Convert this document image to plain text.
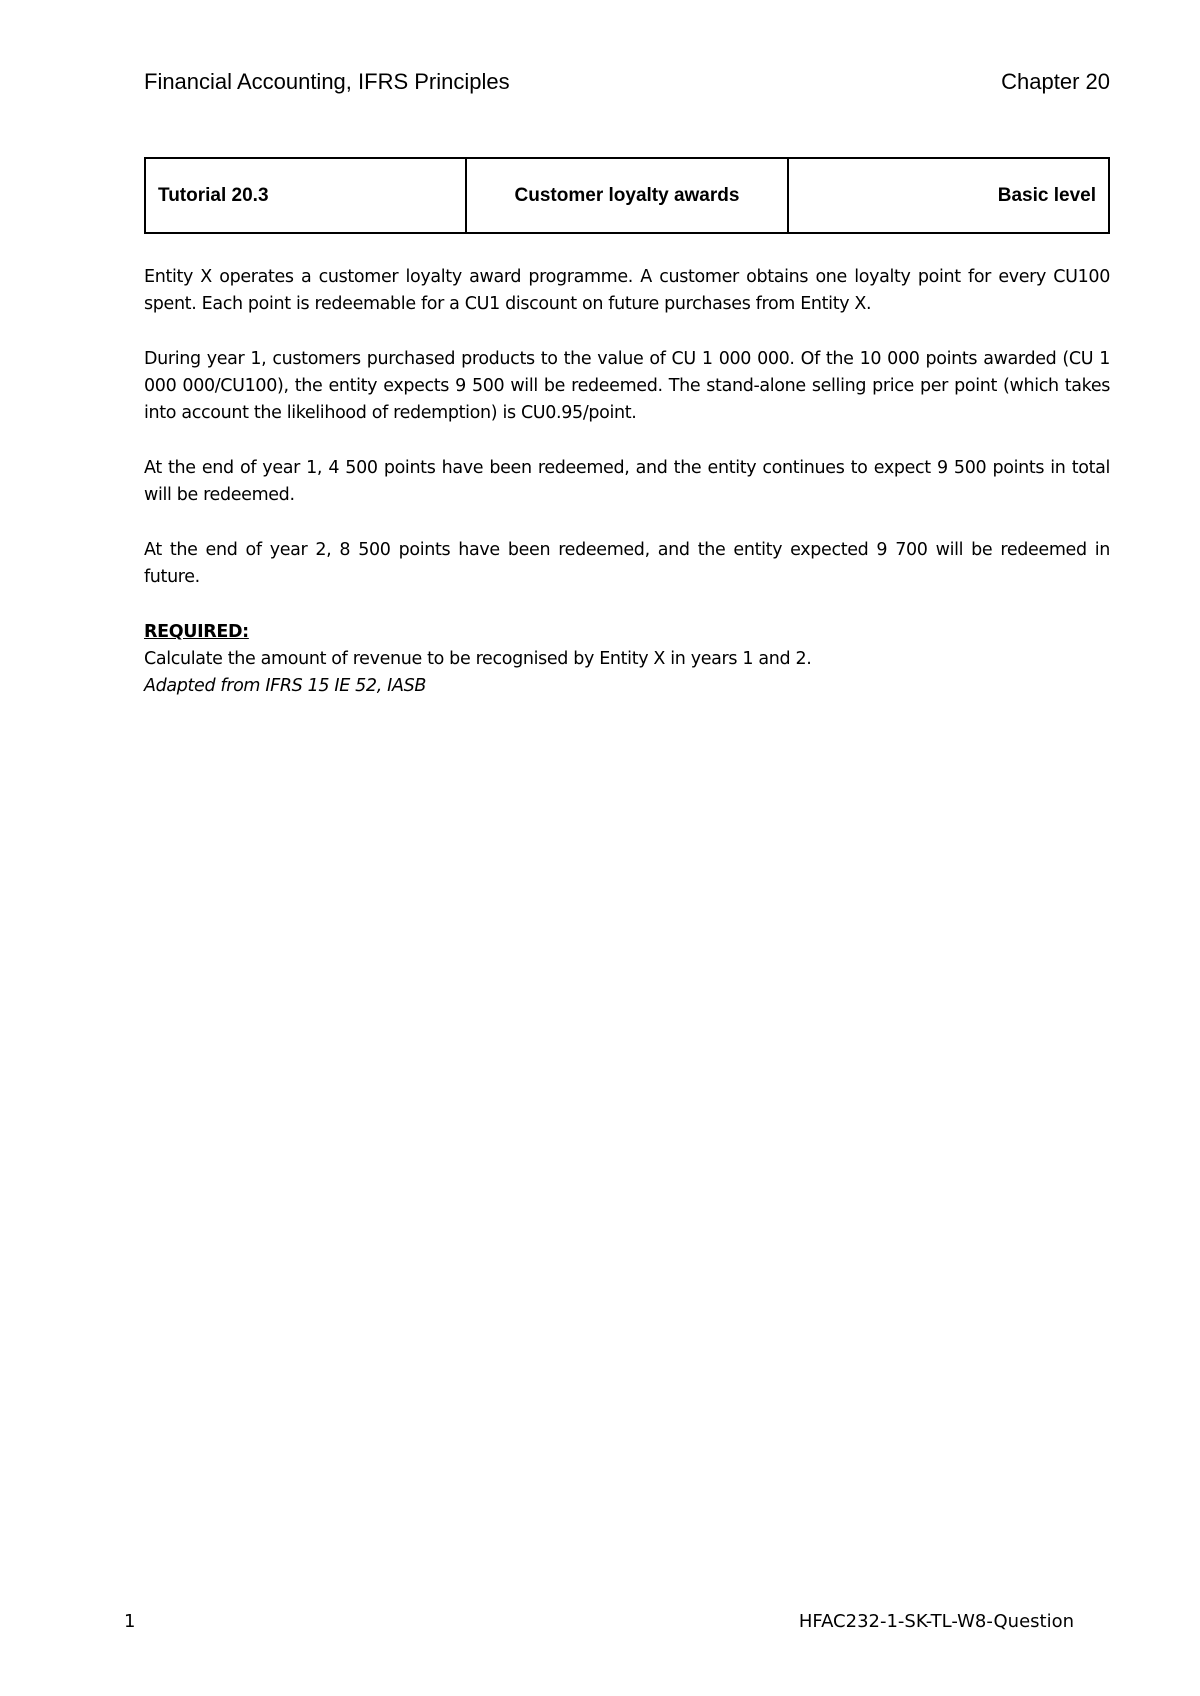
Financial Accounting, IFRS Principles	Chapter 20
Tutorial 20.3	Customer loyalty awards	Basic level

Entity X operates a customer loyalty award programme. A customer obtains one loyalty point for every CU100 spent. Each point is redeemable for a CU1 discount on future purchases from Entity X.

During year 1, customers purchased products to the value of CU 1 000 000. Of the 10 000 points awarded (CU 1 000 000/CU100), the entity expects 9 500 will be redeemed. The stand-alone selling price per point (which takes into account the likelihood of redemption) is CU0.95/point.

At the end of year 1, 4 500 points have been redeemed, and the entity continues to expect 9 500 points in total will be redeemed.

At the end of year 2, 8 500 points have been redeemed, and the entity expected 9 700 will be redeemed in future.

REQUIRED:
Calculate the amount of revenue to be recognised by Entity X in years 1 and 2.
Adapted from IFRS 15 IE 52, IASB
1	HFAC232-1-SK-TL-W8-Question
